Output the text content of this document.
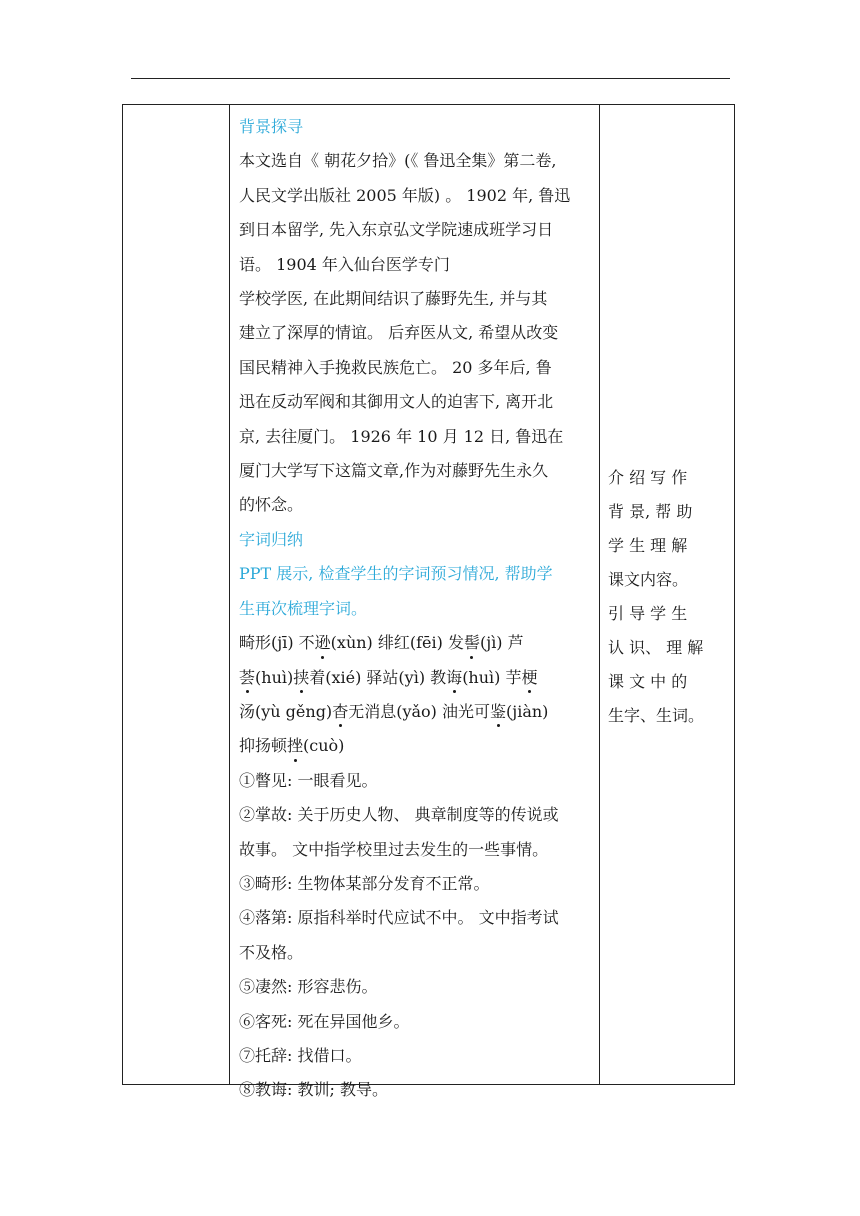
背景探寻
本文选自《 朝花夕拾》(《 鲁迅全集》第二卷,
人民文学出版社 2005 年版) 。 1902 年, 鲁迅
到日本留学, 先入东京弘文学院速成班学习日
语。 1904 年入仙台医学专门
学校学医, 在此期间结识了藤野先生, 并与其
建立了深厚的情谊。 后弃医从文, 希望从改变
国民精神入手挽救民族危亡。 20 多年后, 鲁
迅在反动军阀和其御用文人的迫害下, 离开北
京, 去往厦门。 1926 年 10 月 12 日, 鲁迅在
厦门大学写下这篇文章,作为对藤野先生永久
的怀念。
字词归纳
PPT 展示, 检查学生的字词预习情况, 帮助学
生再次梳理字词。
畸形(jī) 不逊(xùn) 绯红(fēi) 发髻(jì) 芦
荟(huì)挟着(xié) 驿站(yì) 教诲(huì) 芋梗
汤(yù gěng)杳无消息(yǎo) 油光可鉴(jiàn)
抑扬顿挫(cuò)
①瞥见: 一眼看见。
②掌故: 关于历史人物、 典章制度等的传说或
故事。 文中指学校里过去发生的一些事情。
③畸形: 生物体某部分发育不正常。
④落第: 原指科举时代应试不中。 文中指考试
不及格。
⑤凄然: 形容悲伤。
⑥客死: 死在异国他乡。
⑦托辞: 找借口。
⑧教诲: 教训; 教导。
介 绍 写 作
背 景, 帮 助
学 生 理 解
课文内容。
引 导 学 生
认 识、 理 解
课 文 中 的
生字、生词。
